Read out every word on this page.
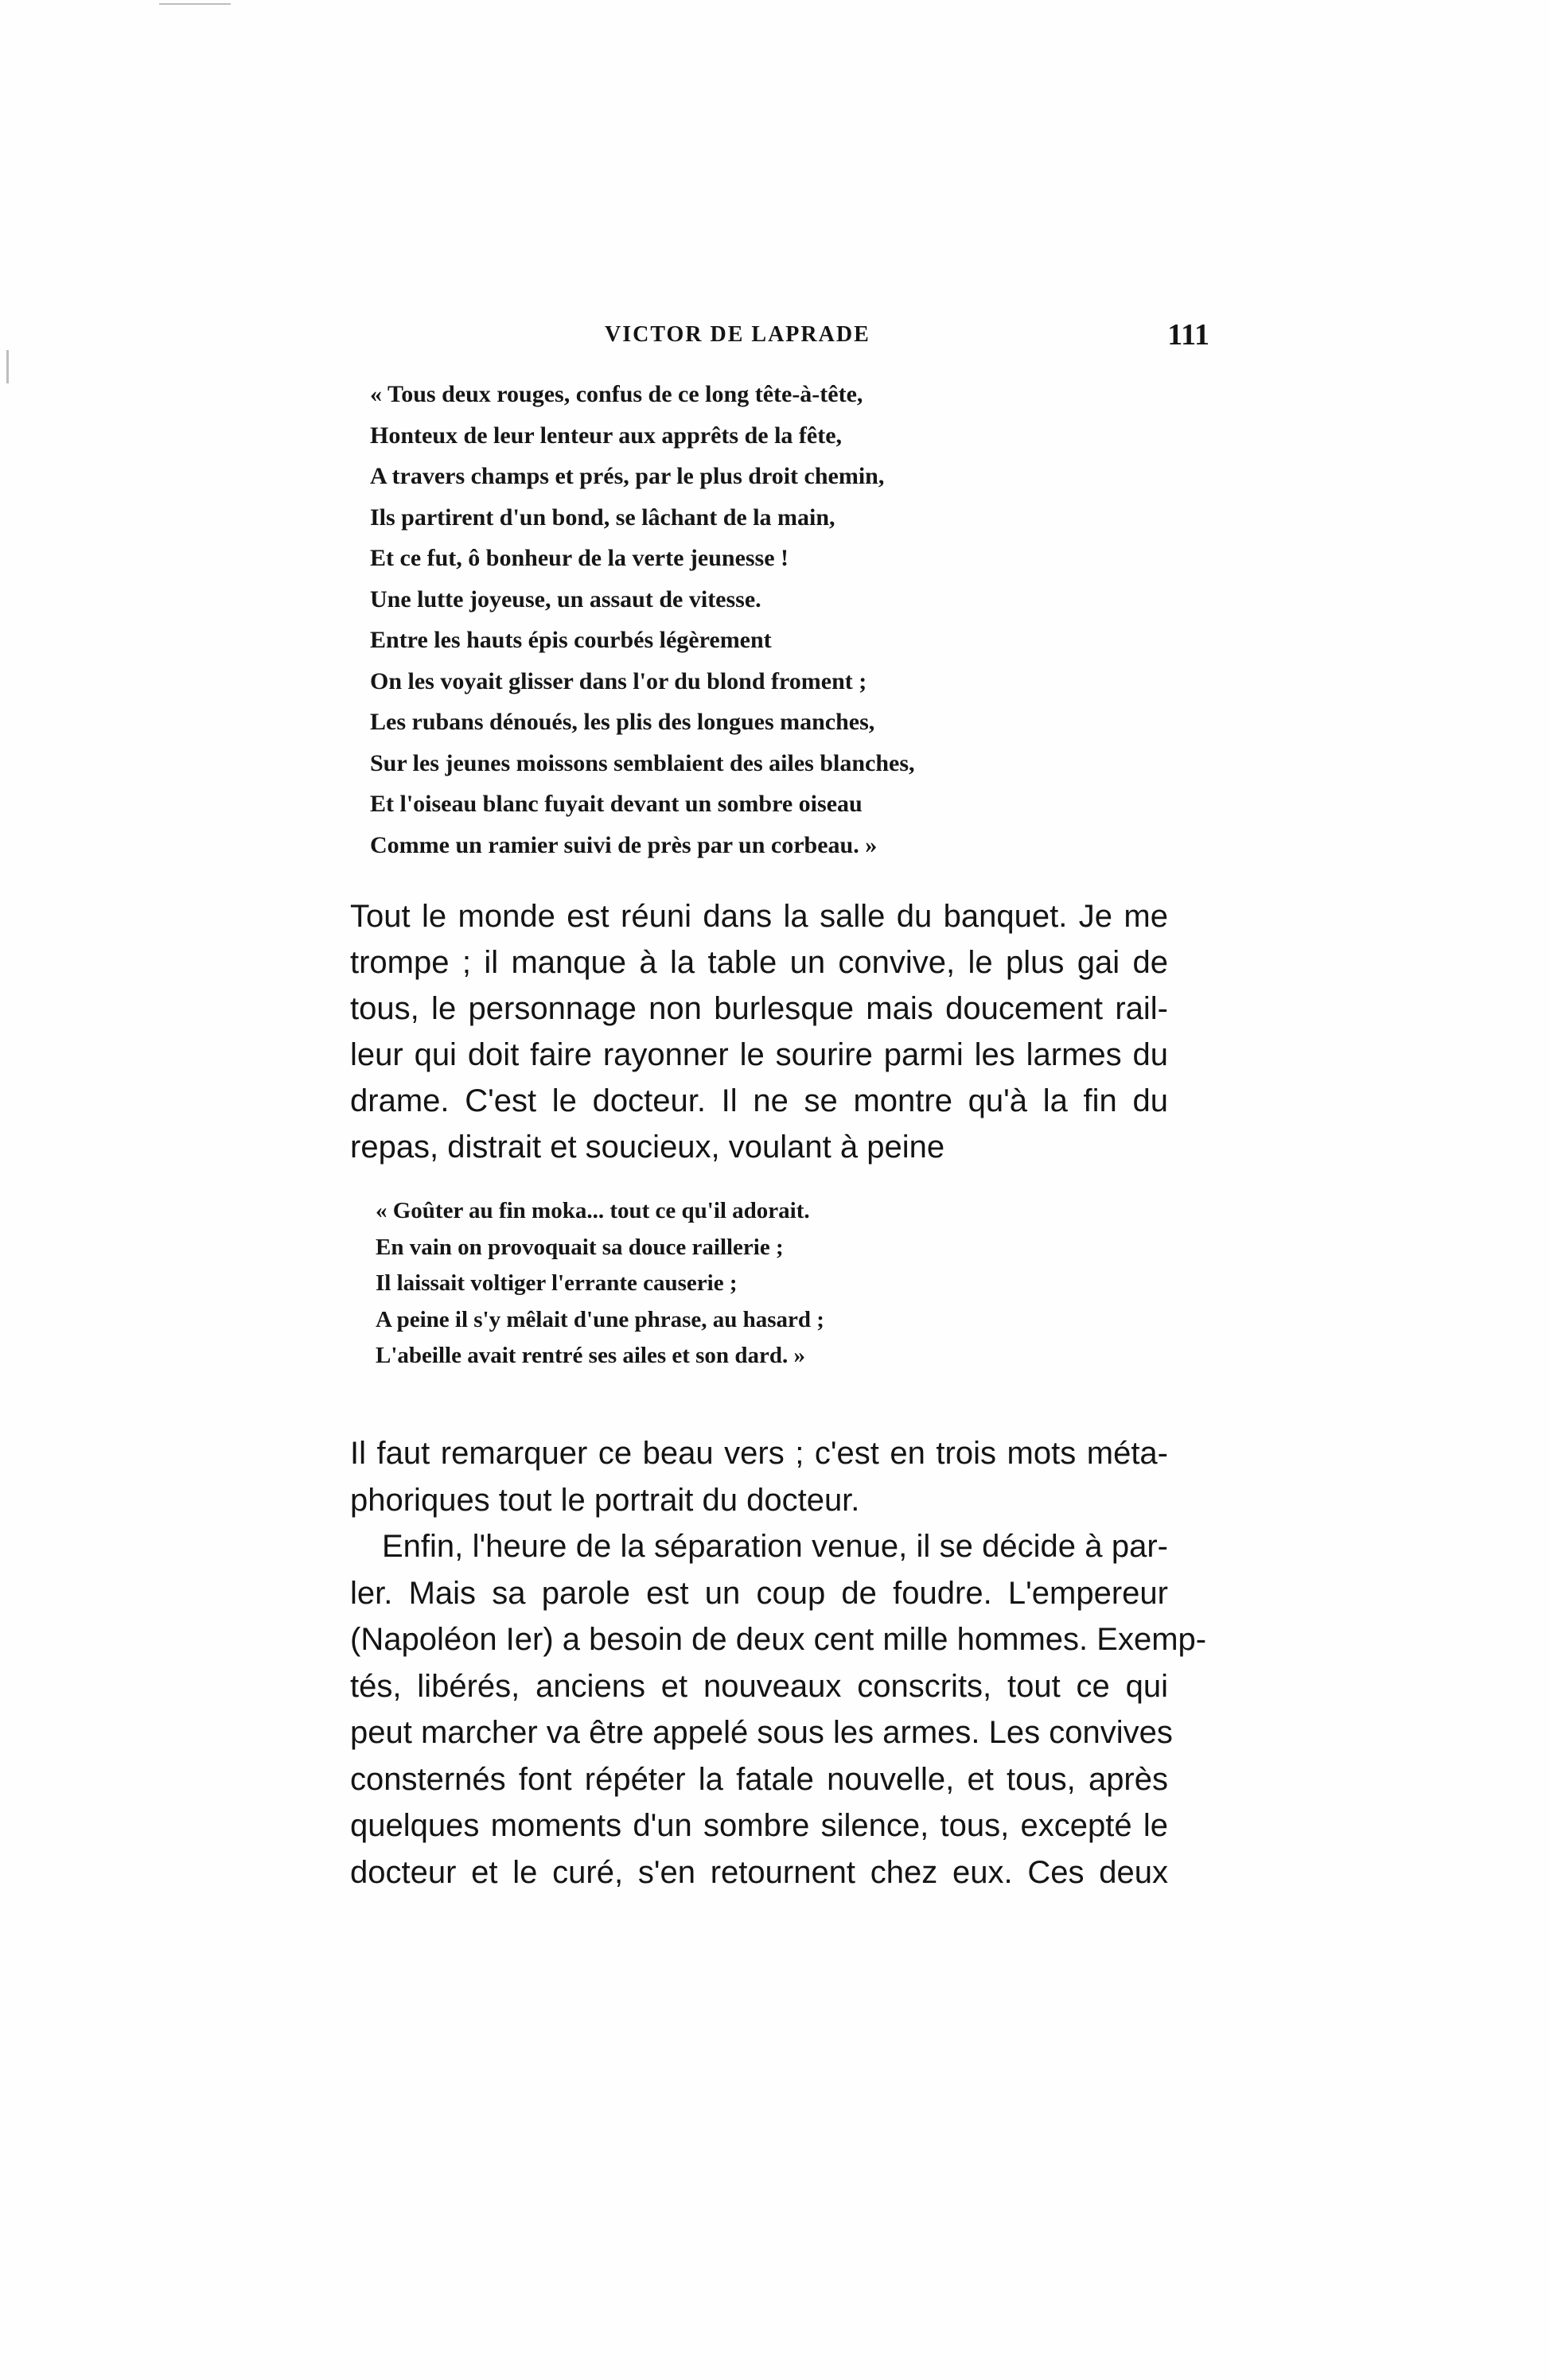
VICTOR DE LAPRADE	111
« Tous deux rouges, confus de ce long tête-à-tête,
Honteux de leur lenteur aux apprêts de la fête,
A travers champs et prés, par le plus droit chemin,
Ils partirent d'un bond, se lâchant de la main,
Et ce fut, ô bonheur de la verte jeunesse !
Une lutte joyeuse, un assaut de vitesse.
Entre les hauts épis courbés légèrement
On les voyait glisser dans l'or du blond froment ;
Les rubans dénoués, les plis des longues manches,
Sur les jeunes moissons semblaient des ailes blanches,
Et l'oiseau blanc fuyait devant un sombre oiseau
Comme un ramier suivi de près par un corbeau. »
Tout le monde est réuni dans la salle du banquet. Je me
trompe ; il manque à la table un convive, le plus gai de
tous, le personnage non burlesque mais doucement rail-
leur qui doit faire rayonner le sourire parmi les larmes du
drame. C'est le docteur. Il ne se montre qu'à la fin du
repas, distrait et soucieux, voulant à peine
« Goûter au fin moka... tout ce qu'il adorait.
En vain on provoquait sa douce raillerie ;
Il laissait voltiger l'errante causerie ;
A peine il s'y mêlait d'une phrase, au hasard ;
L'abeille avait rentré ses ailes et son dard. »
Il faut remarquer ce beau vers ; c'est en trois mots méta-
phoriques tout le portrait du docteur.
Enfin, l'heure de la séparation venue, il se décide à par-
ler. Mais sa parole est un coup de foudre. L'empereur
(Napoléon Ier) a besoin de deux cent mille hommes. Exemp-
tés, libérés, anciens et nouveaux conscrits, tout ce qui
peut marcher va être appelé sous les armes. Les convives
consternés font répéter la fatale nouvelle, et tous, après
quelques moments d'un sombre silence, tous, excepté le
docteur et le curé, s'en retournent chez eux. Ces deux
